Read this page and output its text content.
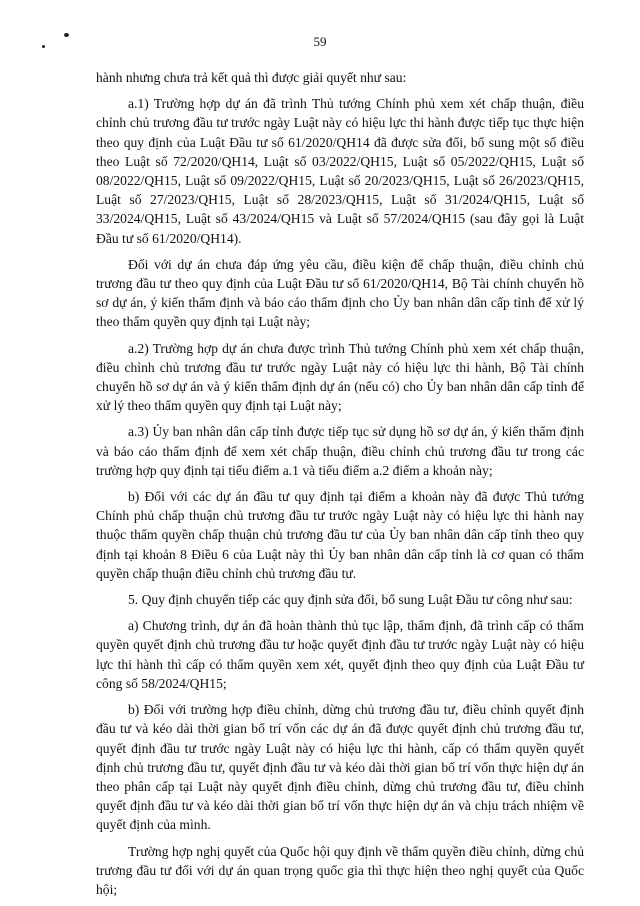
59

hành nhưng chưa trả kết quả thì được giải quyết như sau:

a.1) Trường hợp dự án đã trình Thủ tướng Chính phủ xem xét chấp thuận, điều chỉnh chủ trương đầu tư trước ngày Luật này có hiệu lực thi hành được tiếp tục thực hiện theo quy định của Luật Đầu tư số 61/2020/QH14 đã được sửa đổi, bổ sung một số điều theo Luật số 72/2020/QH14, Luật số 03/2022/QH15, Luật số 05/2022/QH15, Luật số 08/2022/QH15, Luật số 09/2022/QH15, Luật số 20/2023/QH15, Luật số 26/2023/QH15, Luật số 27/2023/QH15, Luật số 28/2023/QH15, Luật số 31/2024/QH15, Luật số 33/2024/QH15, Luật số 43/2024/QH15 và Luật số 57/2024/QH15 (sau đây gọi là Luật Đầu tư số 61/2020/QH14).

Đối với dự án chưa đáp ứng yêu cầu, điều kiện để chấp thuận, điều chỉnh chủ trương đầu tư theo quy định của Luật Đầu tư số 61/2020/QH14, Bộ Tài chính chuyển hồ sơ dự án, ý kiến thẩm định và báo cáo thẩm định cho Ủy ban nhân dân cấp tỉnh để xử lý theo thẩm quyền quy định tại Luật này;

a.2) Trường hợp dự án chưa được trình Thủ tướng Chính phủ xem xét chấp thuận, điều chỉnh chủ trương đầu tư trước ngày Luật này có hiệu lực thi hành, Bộ Tài chính chuyển hồ sơ dự án và ý kiến thẩm định dự án (nếu có) cho Ủy ban nhân dân cấp tỉnh để xử lý theo thẩm quyền quy định tại Luật này;

a.3) Ủy ban nhân dân cấp tỉnh được tiếp tục sử dụng hồ sơ dự án, ý kiến thẩm định và báo cáo thẩm định để xem xét chấp thuận, điều chỉnh chủ trương đầu tư trong các trường hợp quy định tại tiểu điểm a.1 và tiểu điểm a.2 điểm a khoản này;

b) Đối với các dự án đầu tư quy định tại điểm a khoản này đã được Thủ tướng Chính phủ chấp thuận chủ trương đầu tư trước ngày Luật này có hiệu lực thi hành nay thuộc thẩm quyền chấp thuận chủ trương đầu tư của Ủy ban nhân dân cấp tỉnh theo quy định tại khoản 8 Điều 6 của Luật này thì Ủy ban nhân dân cấp tỉnh là cơ quan có thẩm quyền chấp thuận điều chỉnh chủ trương đầu tư.

5. Quy định chuyển tiếp các quy định sửa đổi, bổ sung Luật Đầu tư công như sau:

a) Chương trình, dự án đã hoàn thành thủ tục lập, thẩm định, đã trình cấp có thẩm quyền quyết định chủ trương đầu tư hoặc quyết định đầu tư trước ngày Luật này có hiệu lực thi hành thì cấp có thẩm quyền xem xét, quyết định theo quy định của Luật Đầu tư công số 58/2024/QH15;

b) Đối với trường hợp điều chỉnh, dừng chủ trương đầu tư, điều chỉnh quyết định đầu tư và kéo dài thời gian bố trí vốn các dự án đã được quyết định chủ trương đầu tư, quyết định đầu tư trước ngày Luật này có hiệu lực thi hành, cấp có thẩm quyền quyết định chủ trương đầu tư, quyết định đầu tư và kéo dài thời gian bố trí vốn thực hiện dự án theo phân cấp tại Luật này quyết định điều chỉnh, dừng chủ trương đầu tư, điều chỉnh quyết định đầu tư và kéo dài thời gian bố trí vốn thực hiện dự án và chịu trách nhiệm về quyết định của mình.

Trường hợp nghị quyết của Quốc hội quy định về thẩm quyền điều chỉnh, dừng chủ trương đầu tư đối với dự án quan trọng quốc gia thì thực hiện theo nghị quyết của Quốc hội;
